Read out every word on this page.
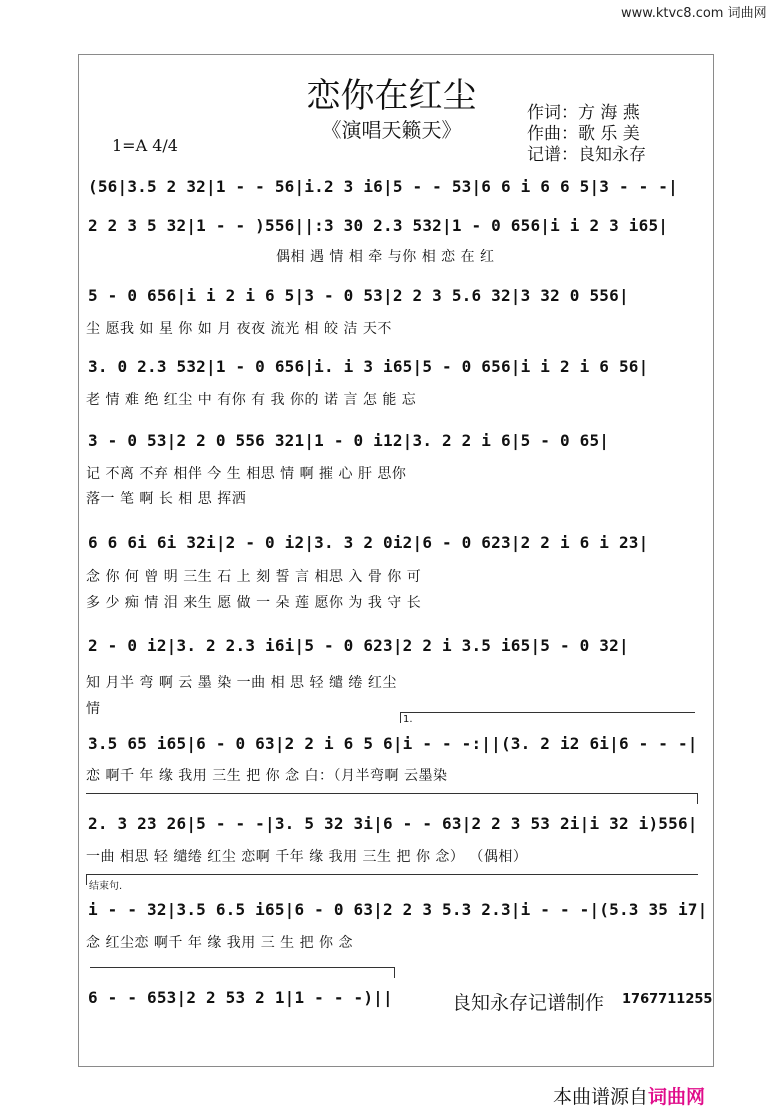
www.ktvc8.com 词曲网
恋你在红尘
《演唱天籁天》
作词：方 海 燕
作曲：歌 乐 美
记谱：良知永存
1=A 4/4
(56|3.5 2 32|1 - - 56|i.2 3 i6|5 - - 53|6 6 i 6 6 5|3 - - -|
2 2 3 5 32|1 - - )556||:3 30 2.3 532|1 - 0 656|i i 2 3 i65|
偶相 遇 情 相 牵 与你 相 恋 在 红
5 - 0 656|i i 2 i 6 5|3 - 0 53|2 2 3 5.6 32|3 32 0 556|
尘 愿我 如 星 你 如 月 夜夜 流光 相 皎 洁 天不
3. 0 2.3 532|1 - 0 656|i. i 3 i65|5 - 0 656|i i 2 i 6 56|
老 情 难 绝 红尘 中 有你 有 我 你的 诺 言 怎 能 忘
3 - 0 53|2 2 0 556 321|1 - 0 i12|3. 2 2 i 6|5 - 0 65|
记 不离 不弃 相伴 今 生 相思 情 啊 摧 心 肝 思你
落一 笔 啊 长 相 思 挥洒
6 6 6i 6i 32i|2 - 0 i2|3. 3 2 0i2|6 - 0 623|2 2 i 6 i 23|
念 你 何 曾 明 三生 石 上 刻 誓 言 相思 入 骨 你 可
多 少 痴 情 泪 来生 愿 做 一 朵 莲 愿你 为 我 守 长
2 - 0 i2|3. 2 2.3 i6i|5 - 0 623|2 2 i 3.5 i65|5 - 0 32|
知 月半 弯 啊 云 墨 染 一曲 相 思 轻 缱 绻 红尘
情
1.
3.5 65 i65|6 - 0 63|2 2 i 6 5 6|i - - -:||(3. 2 i2 6i|6 - - -|
恋 啊千 年 缘 我用 三生 把 你 念 白：（月半弯啊 云墨染
2. 3 23 26|5 - - -|3. 5 32 3i|6 - - 63|2 2 3 53 2i|i 32 i)556|
一曲 相思 轻 缱绻 红尘 恋啊 千年 缘 我用 三生 把 你 念） （偶相）
结束句.
i - - 32|3.5 6.5 i65|6 - 0 63|2 2 3 5.3 2.3|i - - -|(5.3 35 i7|
念 红尘恋 啊千 年 缘 我用 三 生 把 你 念
6 - - 653|2 2 53 2 1|1 - - -)||	良知永存记谱制作 1767711255
本曲谱源自词曲网
